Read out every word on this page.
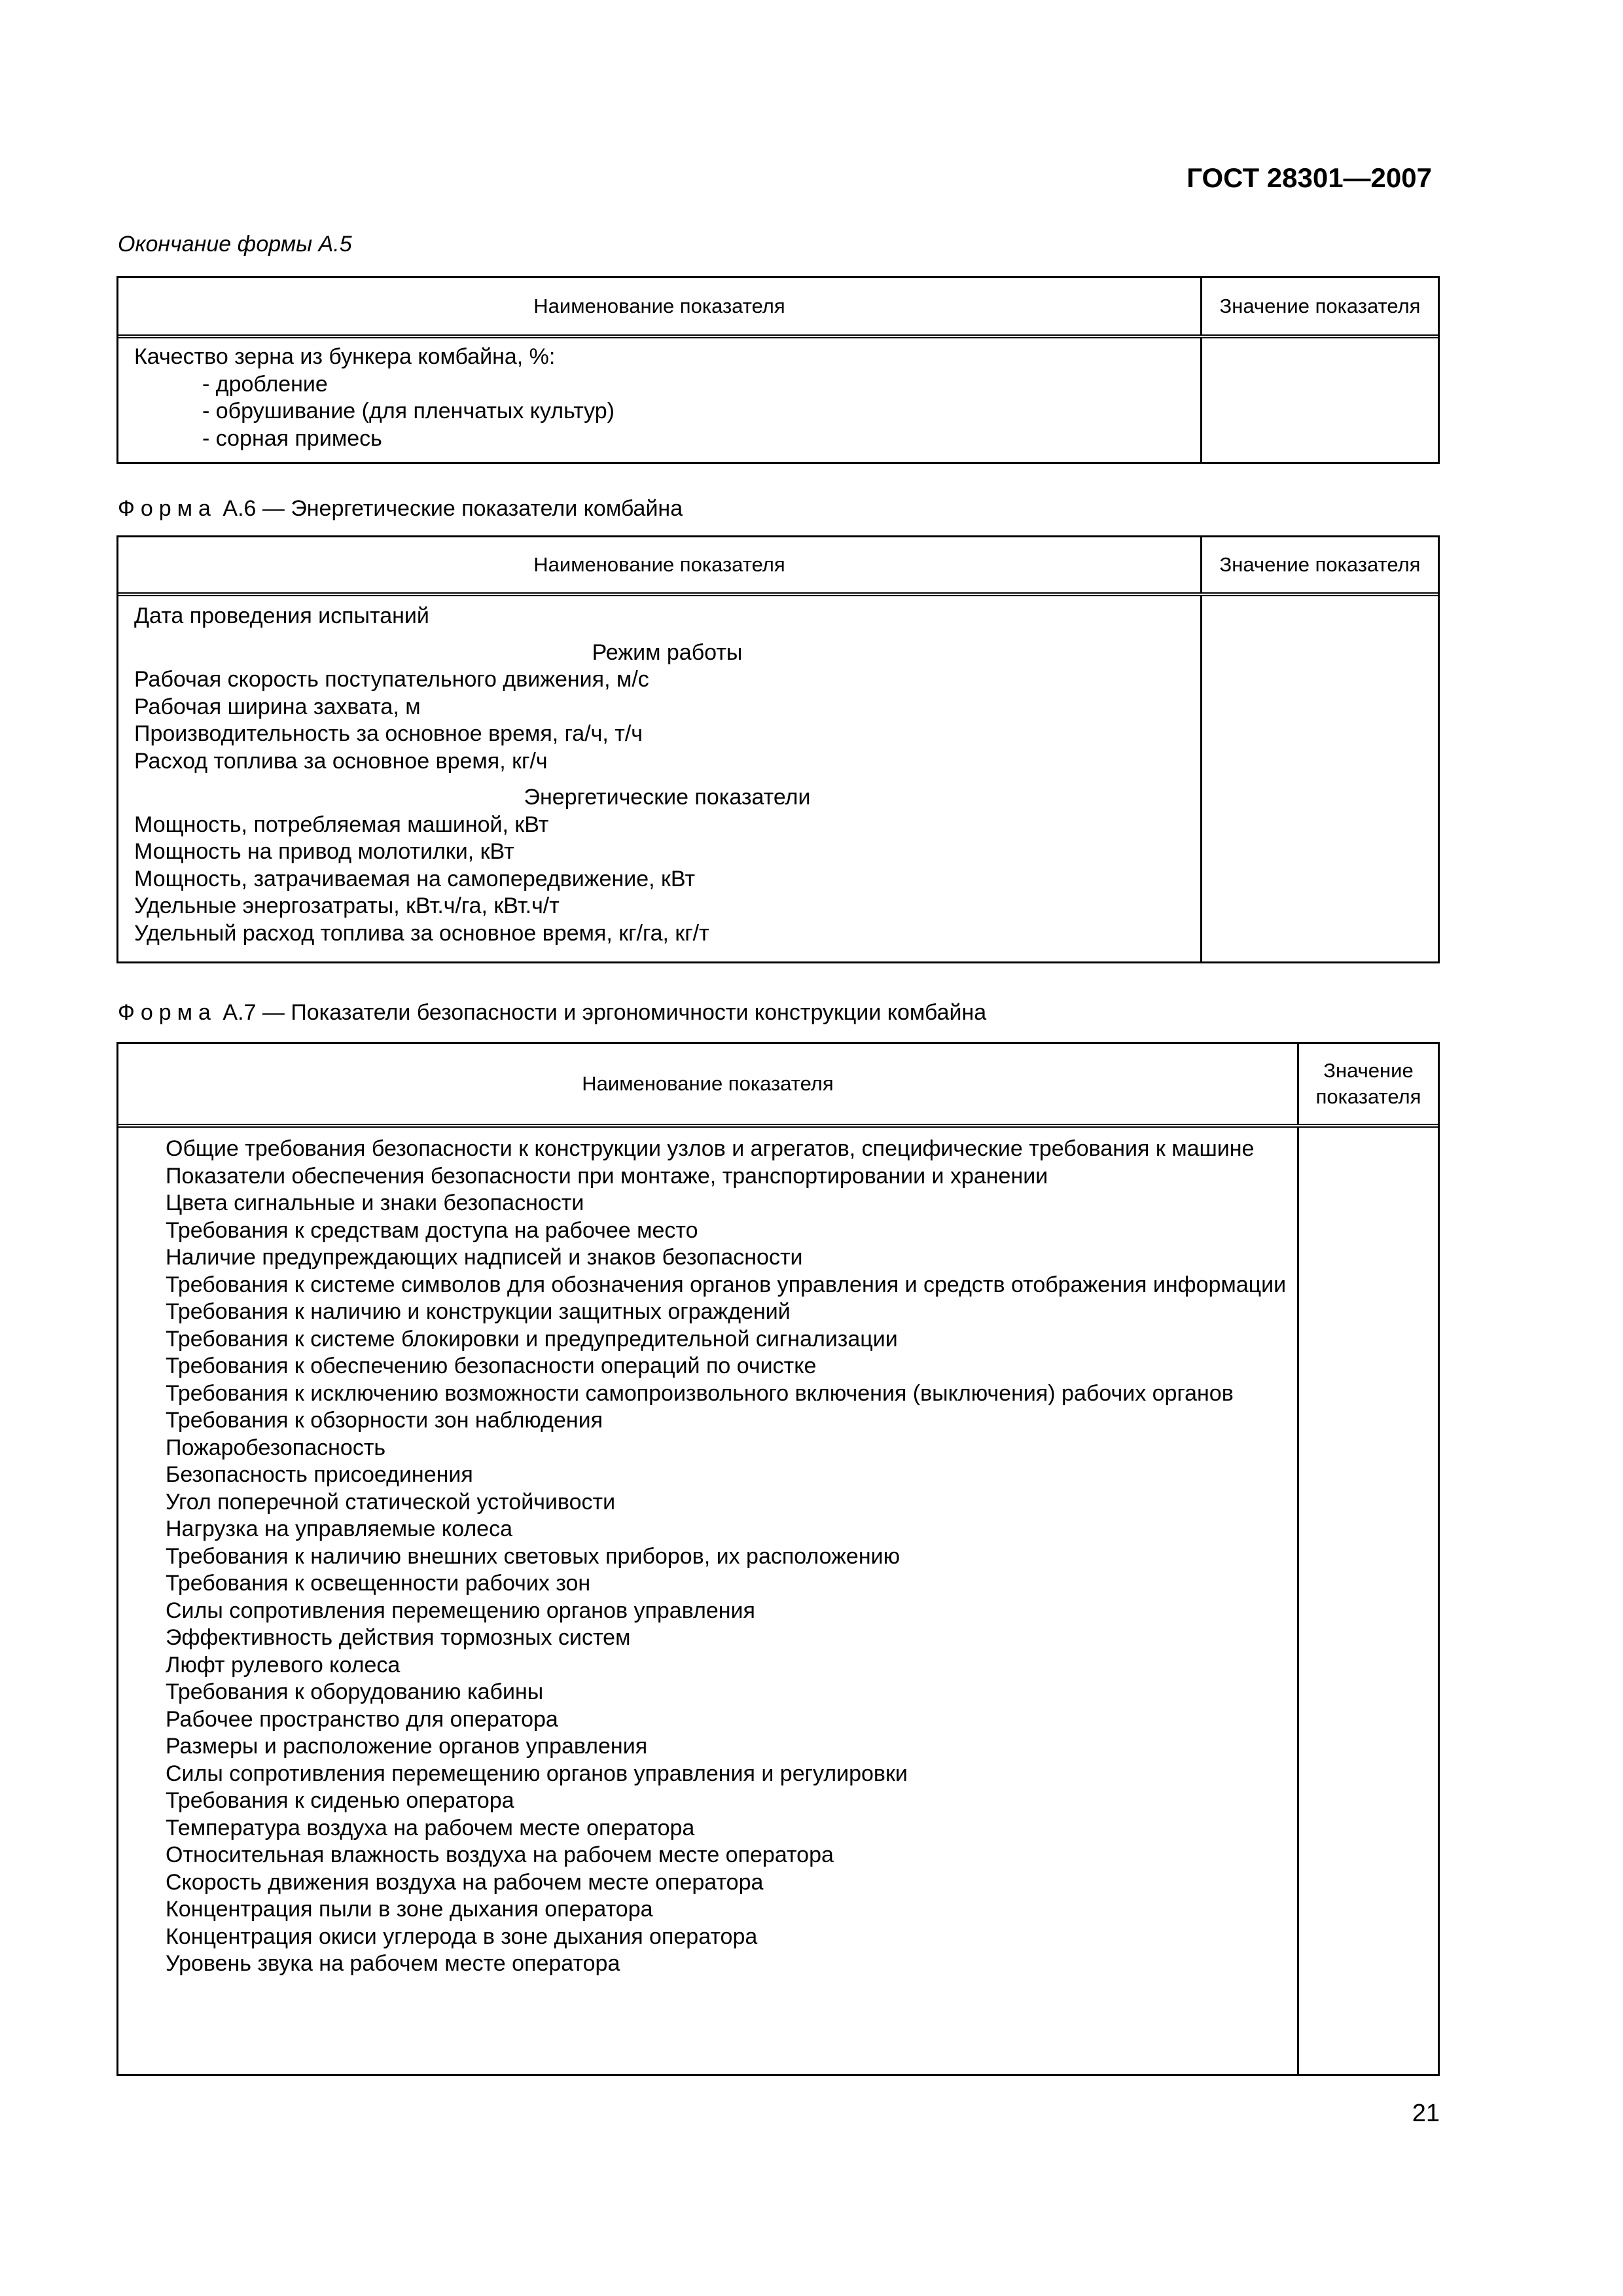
ГОСТ 28301—2007
Окончание формы А.5
Наименование показателя	Значение показателя
Качество зерна из бункера комбайна, %:
- дробление
- обрушивание (для пленчатых культур)
- сорная примесь
Форма А.6 — Энергетические показатели комбайна
Наименование показателя	Значение показателя
Дата проведения испытаний
Режим работы
Рабочая скорость поступательного движения, м/с
Рабочая ширина захвата, м
Производительность за основное время, га/ч, т/ч
Расход топлива за основное время, кг/ч
Энергетические показатели
Мощность, потребляемая машиной, кВт
Мощность на привод молотилки, кВт
Мощность, затрачиваемая на самопередвижение, кВт
Удельные энергозатраты, кВт.ч/га, кВт.ч/т
Удельный расход топлива за основное время, кг/га, кг/т
Форма А.7 — Показатели безопасности и эргономичности конструкции комбайна
Наименование показателя
Значение
показателя
Общие требования безопасности к конструкции узлов и агрегатов, специфические требования к машине
Показатели обеспечения безопасности при монтаже, транспортировании и хранении
Цвета сигнальные и знаки безопасности
Требования к средствам доступа на рабочее место
Наличие предупреждающих надписей и знаков безопасности
Требования к системе символов для обозначения органов управления и средств отображения информации
Требования к наличию и конструкции защитных ограждений
Требования к системе блокировки и предупредительной сигнализации
Требования к обеспечению безопасности операций по очистке
Требования к исключению возможности самопроизвольного включения (выключения) рабочих органов
Требования к обзорности зон наблюдения
Пожаробезопасность
Безопасность присоединения
Угол поперечной статической устойчивости
Нагрузка на управляемые колеса
Требования к наличию внешних световых приборов, их расположению
Требования к освещенности рабочих зон
Силы сопротивления перемещению органов управления
Эффективность действия тормозных систем
Люфт рулевого колеса
Требования к оборудованию кабины
Рабочее пространство для оператора
Размеры и расположение органов управления
Силы сопротивления перемещению органов управления и регулировки
Требования к сиденью оператора
Температура воздуха на рабочем месте оператора
Относительная влажность воздуха на рабочем месте оператора
Скорость движения воздуха на рабочем месте оператора
Концентрация пыли в зоне дыхания оператора
Концентрация окиси углерода в зоне дыхания оператора
Уровень звука на рабочем месте оператора
21
